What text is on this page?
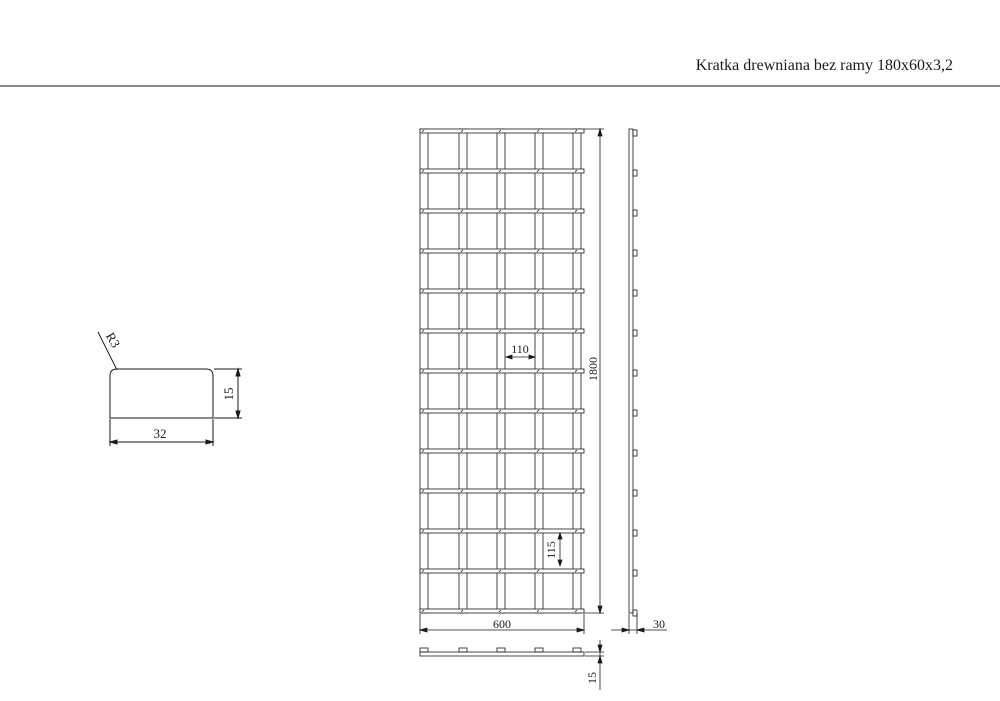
Kratka drewniana bez ramy 180x60x3,2
R3
32
15
1800
600
110
115
30
15
